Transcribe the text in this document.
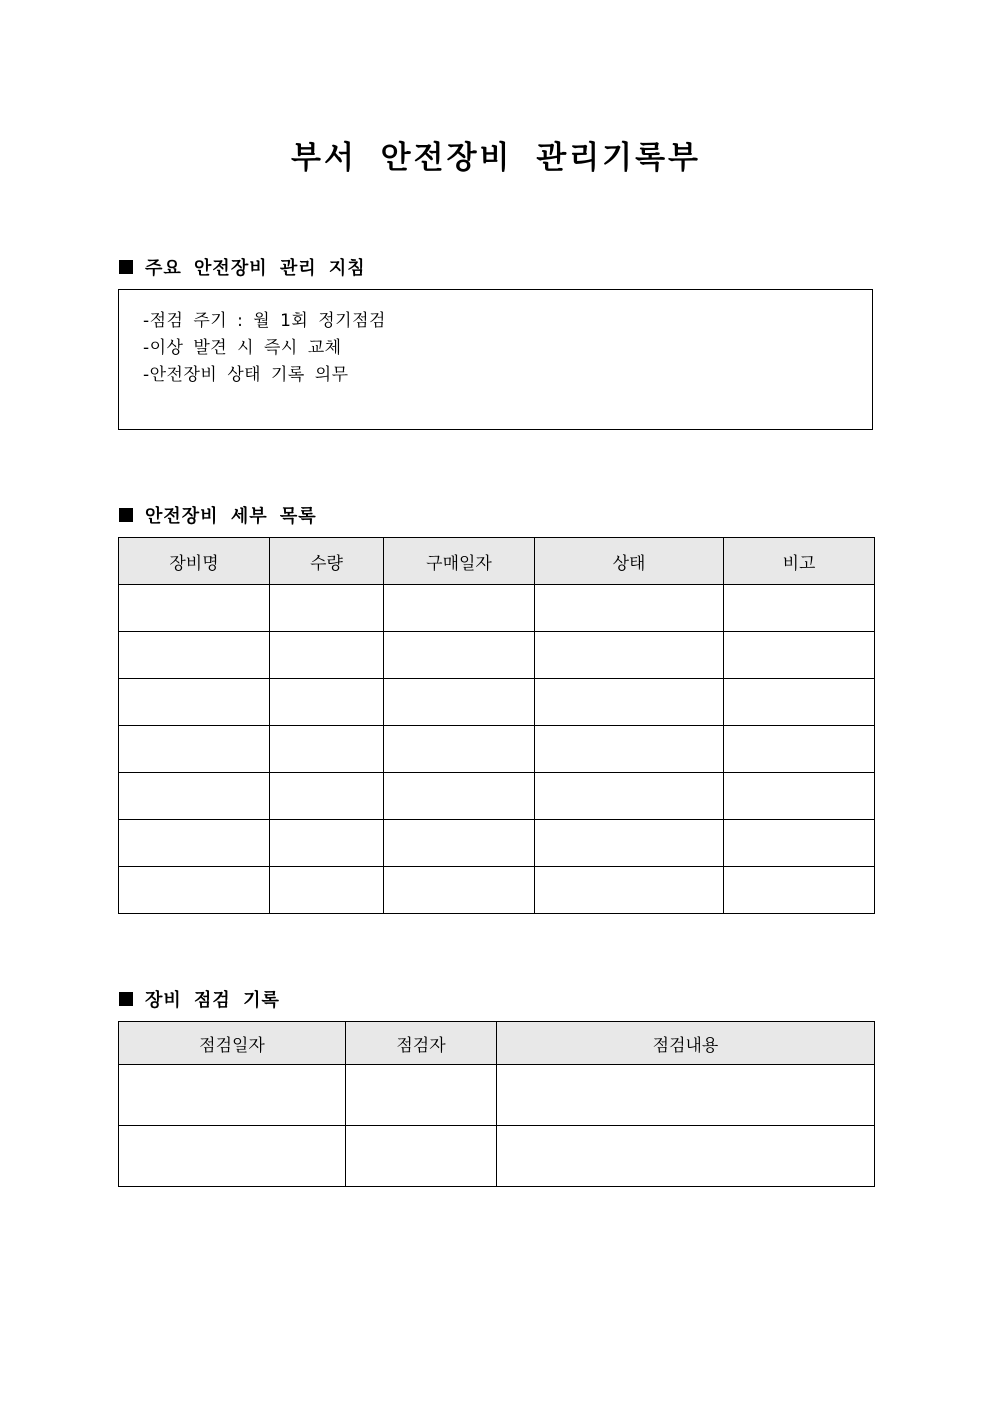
부서 안전장비 관리기록부
주요 안전장비 관리 지침
-점검 주기 : 월 1회 정기점검
-이상 발견 시 즉시 교체
-안전장비 상태 기록 의무
안전장비 세부 목록
장비명	수량	구매일자	상태	비고

장비 점검 기록
점검일자	점검자	점검내용
